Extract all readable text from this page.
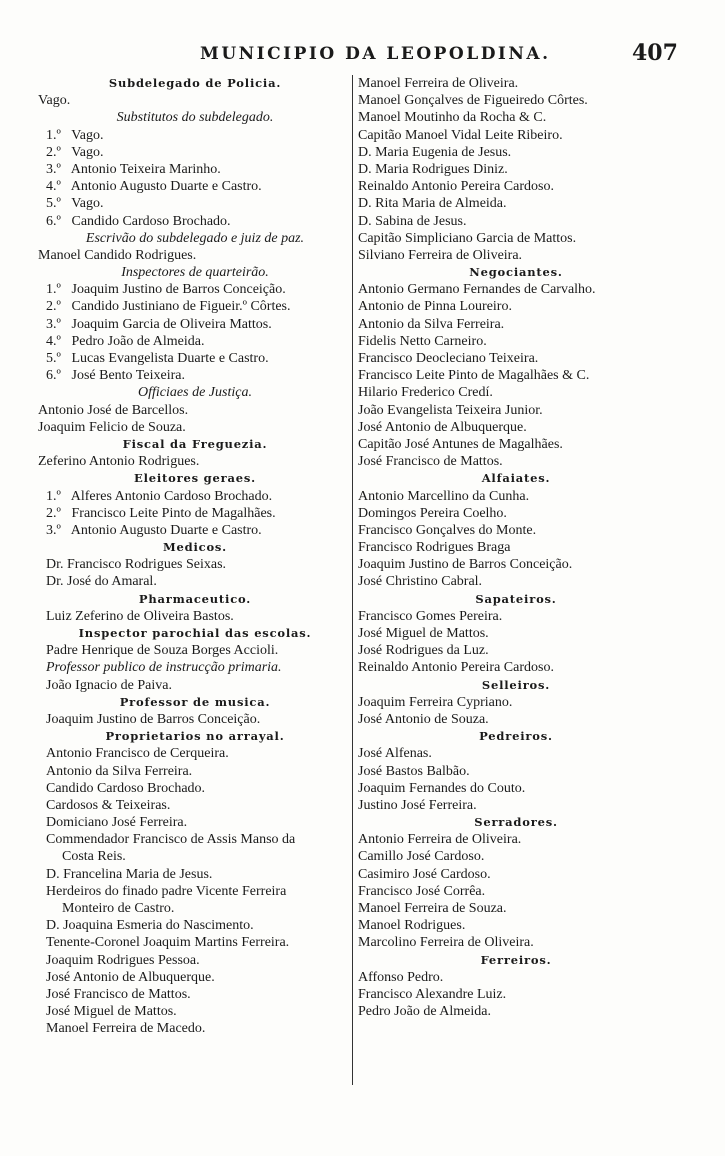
MUNICIPIO DA LEOPOLDINA.	407
Subdelegado de Policia.
Vago.
Substitutos do subdelegado.
1.º Vago.
2.º Vago.
3.º Antonio Teixeira Marinho.
4.º Antonio Augusto Duarte e Castro.
5.º Vago.
6.º Candido Cardoso Brochado.
Escrivão do subdelegado e juiz de paz.
Manoel Candido Rodrigues.
Inspectores de quarteirão.
1.º Joaquim Justino de Barros Conceição.
2.º Candido Justiniano de Figueir.º Côrtes.
3.º Joaquim Garcia de Oliveira Mattos.
4.º Pedro João de Almeida.
5.º Lucas Evangelista Duarte e Castro.
6.º José Bento Teixeira.
Officiaes de Justiça.
Antonio José de Barcellos.
Joaquim Felicio de Souza.
Fiscal da Freguezia.
Zeferino Antonio Rodrigues.
Eleitores geraes.
1.º Alferes Antonio Cardoso Brochado.
2.º Francisco Leite Pinto de Magalhães.
3.º Antonio Augusto Duarte e Castro.
Medicos.
Dr. Francisco Rodrigues Seixas.
Dr. José do Amaral.
Pharmaceutico.
Luiz Zeferino de Oliveira Bastos.
Inspector parochial das escolas.
Padre Henrique de Souza Borges Accioli.
Professor publico de instrucção primaria.
João Ignacio de Paiva.
Professor de musica.
Joaquim Justino de Barros Conceição.
Proprietarios no arrayal.
Antonio Francisco de Cerqueira.
Antonio da Silva Ferreira.
Candido Cardoso Brochado.
Cardosos & Teixeiras.
Domiciano José Ferreira.
Commendador Francisco de Assis Manso da
Costa Reis.
D. Francelina Maria de Jesus.
Herdeiros do finado padre Vicente Ferreira
Monteiro de Castro.
D. Joaquina Esmeria do Nascimento.
Tenente-Coronel Joaquim Martins Ferreira.
Joaquim Rodrigues Pessoa.
José Antonio de Albuquerque.
José Francisco de Mattos.
José Miguel de Mattos.
Manoel Ferreira de Macedo.
Manoel Ferreira de Oliveira.
Manoel Gonçalves de Figueiredo Côrtes.
Manoel Moutinho da Rocha & C.
Capitão Manoel Vidal Leite Ribeiro.
D. Maria Eugenia de Jesus.
D. Maria Rodrigues Diniz.
Reinaldo Antonio Pereira Cardoso.
D. Rita Maria de Almeida.
D. Sabina de Jesus.
Capitão Simpliciano Garcia de Mattos.
Silviano Ferreira de Oliveira.
Negociantes.
Antonio Germano Fernandes de Carvalho.
Antonio de Pinna Loureiro.
Antonio da Silva Ferreira.
Fidelis Netto Carneiro.
Francisco Deocleciano Teixeira.
Francisco Leite Pinto de Magalhães & C.
Hilario Frederico Credí.
João Evangelista Teixeira Junior.
José Antonio de Albuquerque.
Capitão José Antunes de Magalhães.
José Francisco de Mattos.
Alfaiates.
Antonio Marcellino da Cunha.
Domingos Pereira Coelho.
Francisco Gonçalves do Monte.
Francisco Rodrigues Braga
Joaquim Justino de Barros Conceição.
José Christino Cabral.
Sapateiros.
Francisco Gomes Pereira.
José Miguel de Mattos.
José Rodrigues da Luz.
Reinaldo Antonio Pereira Cardoso.
Selleiros.
Joaquim Ferreira Cypriano.
José Antonio de Souza.
Pedreiros.
José Alfenas.
José Bastos Balbão.
Joaquim Fernandes do Couto.
Justino José Ferreira.
Serradores.
Antonio Ferreira de Oliveira.
Camillo José Cardoso.
Casimiro José Cardoso.
Francisco José Corrêa.
Manoel Ferreira de Souza.
Manoel Rodrigues.
Marcolino Ferreira de Oliveira.
Ferreiros.
Affonso Pedro.
Francisco Alexandre Luiz.
Pedro João de Almeida.
